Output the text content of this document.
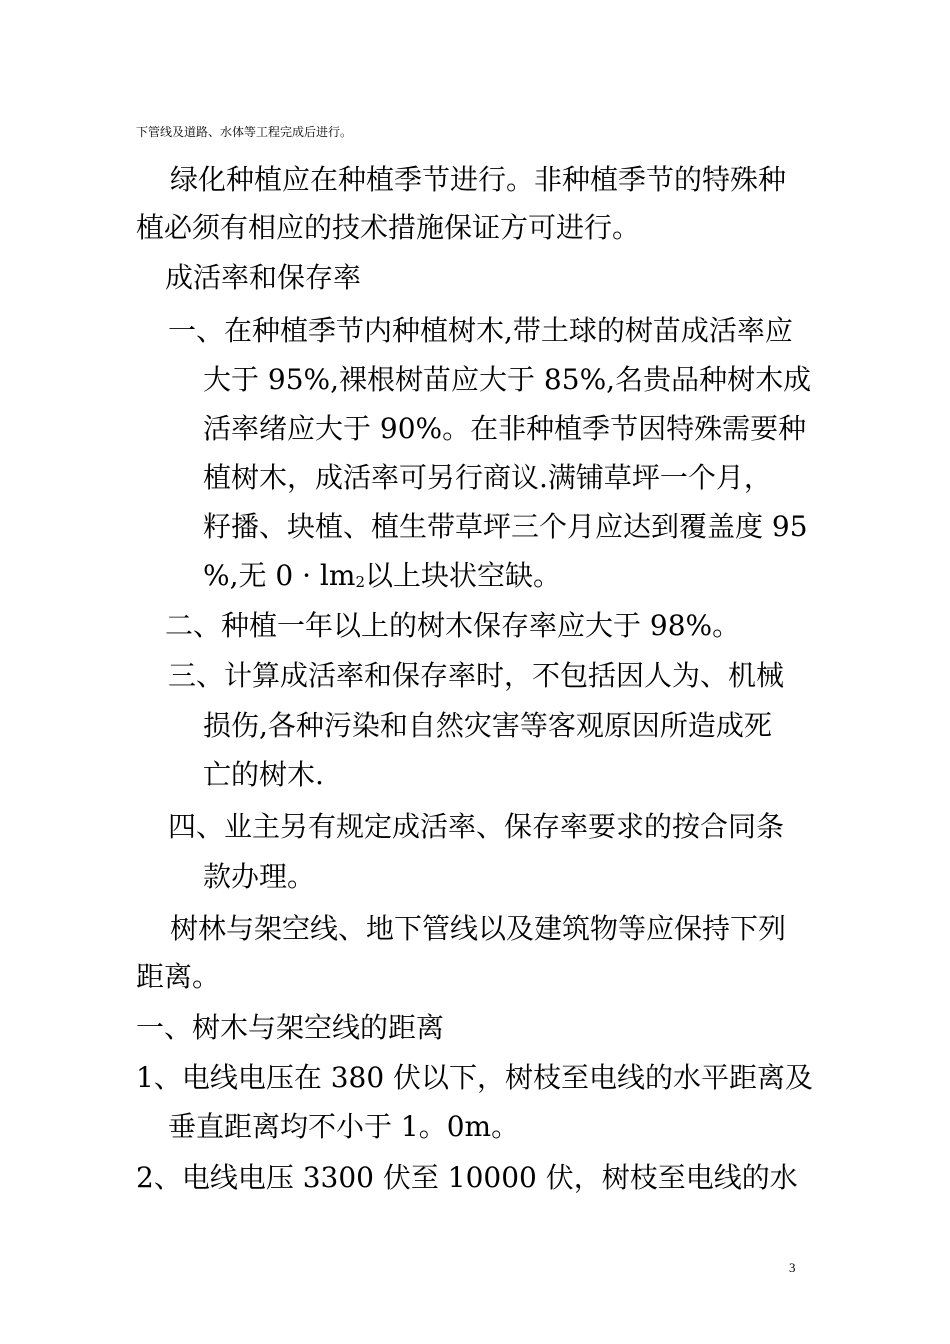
下管线及道路、水体等工程完成后进行。
绿化种植应在种植季节进行。非种植季节的特殊种
植必须有相应的技术措施保证方可进行。
成活率和保存率
一、在种植季节内种植树木,带土球的树苗成活率应
大于 95%,裸根树苗应大于 85%,名贵品种树木成
活率绪应大于 90%。在非种植季节因特殊需要种
植树木，成活率可另行商议.满铺草坪一个月，
籽播、块植、植生带草坪三个月应达到覆盖度 95
%,无 $0 \cdot lm_2$以上块状空缺。
二、种植一年以上的树木保存率应大于 98%。
三、计算成活率和保存率时，不包括因人为、机械
损伤,各种污染和自然灾害等客观原因所造成死
亡的树木.
四、业主另有规定成活率、保存率要求的按合同条
款办理。
树林与架空线、地下管线以及建筑物等应保持下列
距离。
一、树木与架空线的距离
1、电线电压在 380 伏以下，树枝至电线的水平距离及
垂直距离均不小于 1。0m。
2、电线电压 3300 伏至 10000 伏，树枝至电线的水
3
